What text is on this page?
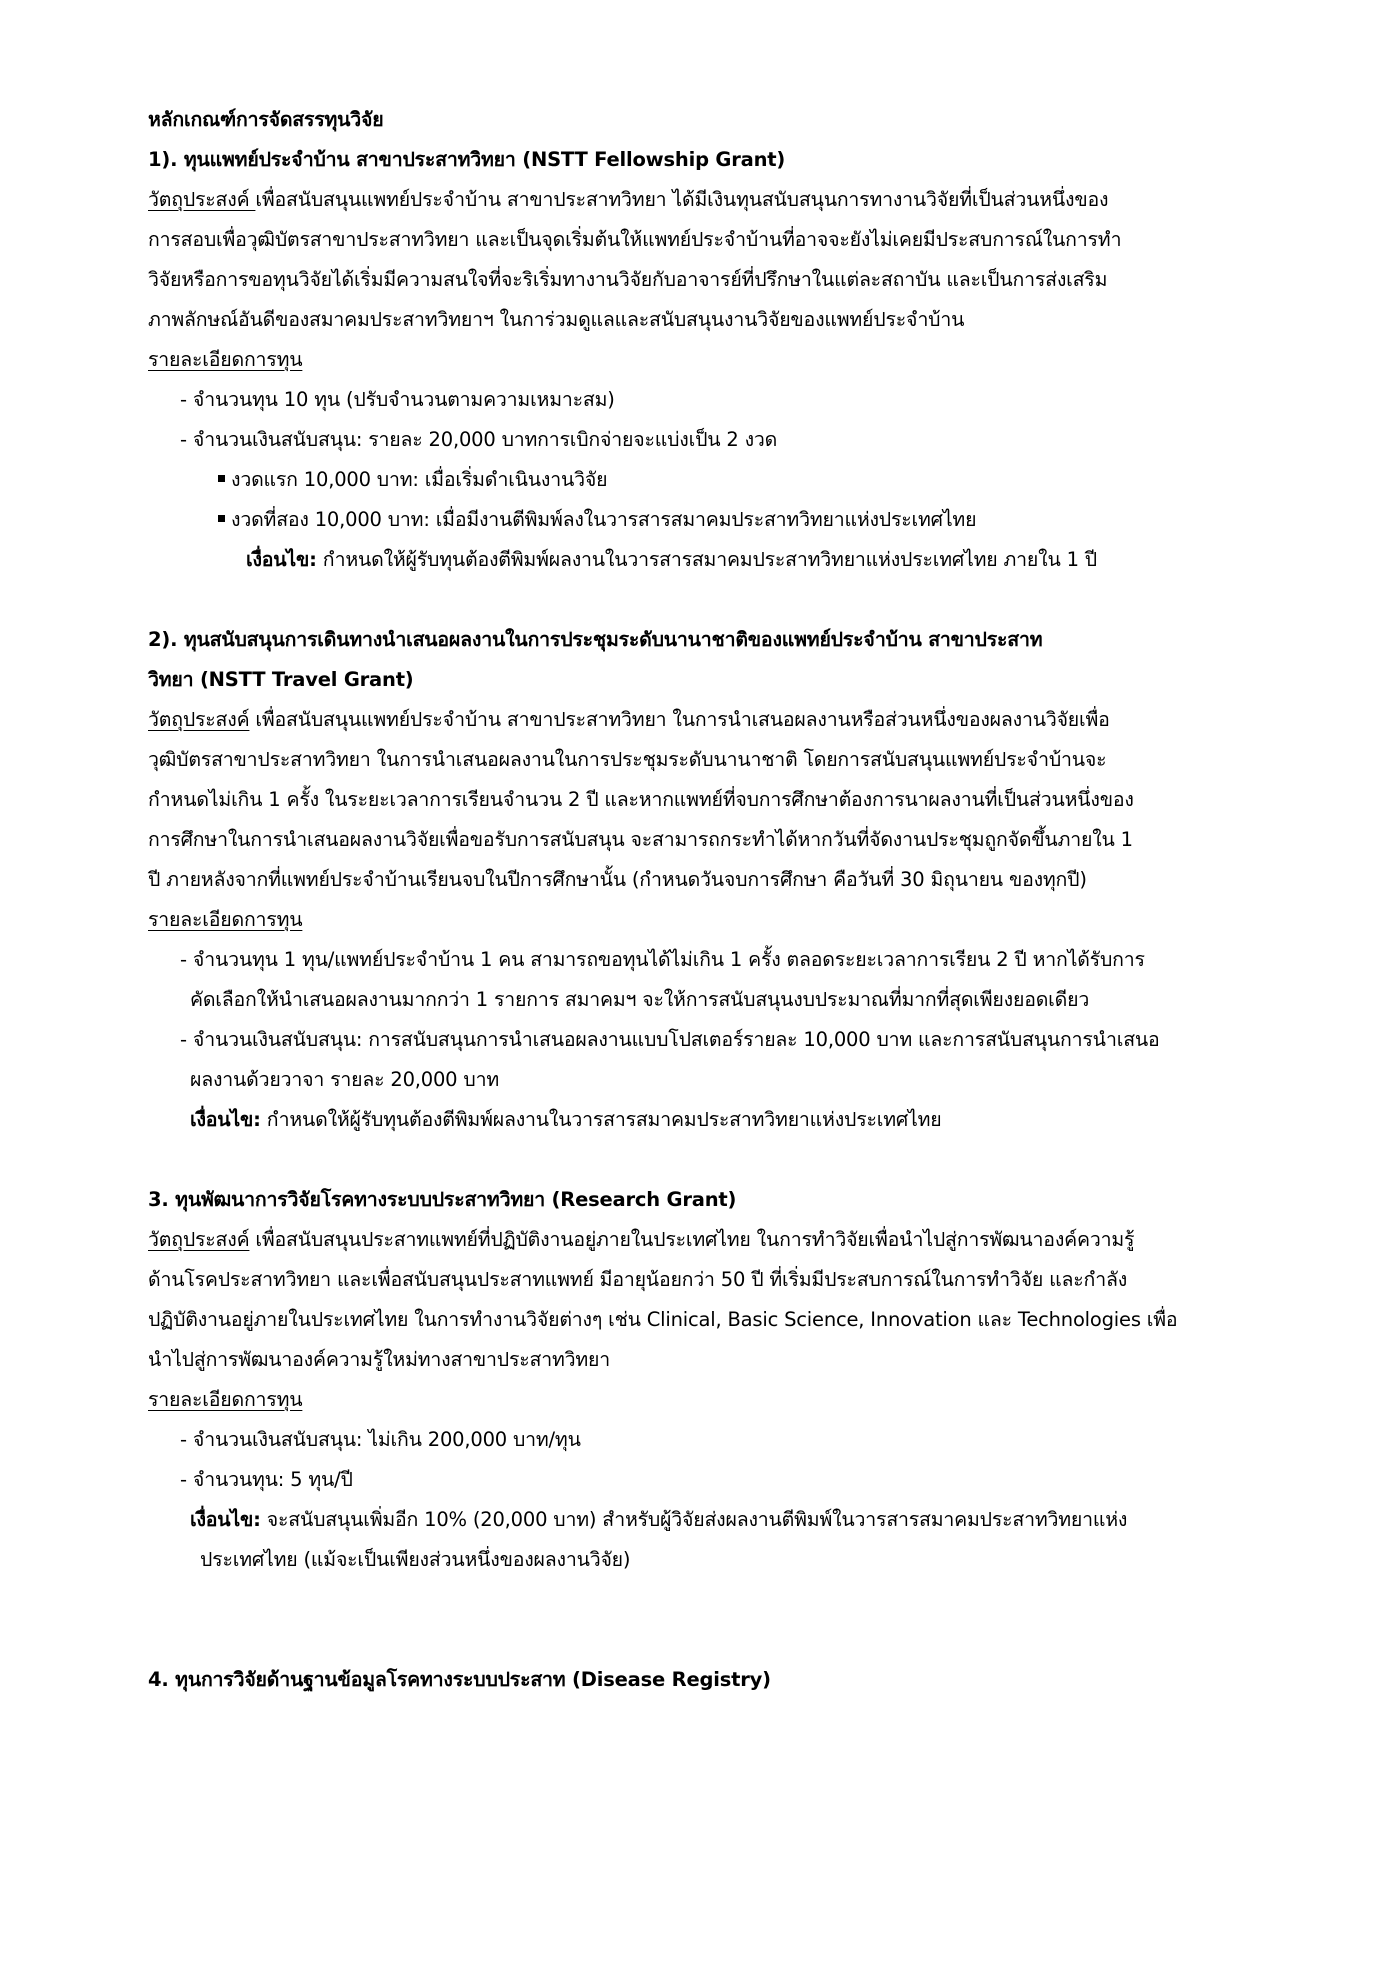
หลักเกณฑ์การจัดสรรทุนวิจัย
1). ทุนแพทย์ประจำบ้าน สาขาประสาทวิทยา (NSTT Fellowship Grant)
วัตถุประสงค์ เพื่อสนับสนุนแพทย์ประจำบ้าน สาขาประสาทวิทยา ได้มีเงินทุนสนับสนุนการทางานวิจัยที่เป็นส่วนหนึ่งของ
การสอบเพื่อวุฒิบัตรสาขาประสาทวิทยา และเป็นจุดเริ่มต้นให้แพทย์ประจำบ้านที่อาจจะยังไม่เคยมีประสบการณ์ในการทำ
วิจัยหรือการขอทุนวิจัยได้เริ่มมีความสนใจที่จะริเริ่มทางานวิจัยกับอาจารย์ที่ปรึกษาในแต่ละสถาบัน และเป็นการส่งเสริม
ภาพลักษณ์อันดีของสมาคมประสาทวิทยาฯ ในการ่วมดูแลและสนับสนุนงานวิจัยของแพทย์ประจำบ้าน
รายละเอียดการทุน
- จำนวนทุน 10 ทุน (ปรับจำนวนตามความเหมาะสม)
- จำนวนเงินสนับสนุน: รายละ 20,000 บาทการเบิกจ่ายจะแบ่งเป็น 2 งวด
งวดแรก 10,000 บาท: เมื่อเริ่มดำเนินงานวิจัย
งวดที่สอง 10,000 บาท: เมื่อมีงานตีพิมพ์ลงในวารสารสมาคมประสาทวิทยาแห่งประเทศไทย
เงื่อนไข: กำหนดให้ผู้รับทุนต้องตีพิมพ์ผลงานในวารสารสมาคมประสาทวิทยาแห่งประเทศไทย ภายใน 1 ปี
2). ทุนสนับสนุนการเดินทางนำเสนอผลงานในการประชุมระดับนานาชาติของแพทย์ประจำบ้าน สาขาประสาท
วิทยา (NSTT Travel Grant)
วัตถุประสงค์ เพื่อสนับสนุนแพทย์ประจำบ้าน สาขาประสาทวิทยา ในการนำเสนอผลงานหรือส่วนหนึ่งของผลงานวิจัยเพื่อ
วุฒิบัตรสาขาประสาทวิทยา ในการนำเสนอผลงานในการประชุมระดับนานาชาติ โดยการสนับสนุนแพทย์ประจำบ้านจะ
กำหนดไม่เกิน 1 ครั้ง ในระยะเวลาการเรียนจำนวน 2 ปี และหากแพทย์ที่จบการศึกษาต้องการนาผลงานที่เป็นส่วนหนึ่งของ
การศึกษาในการนำเสนอผลงานวิจัยเพื่อขอรับการสนับสนุน จะสามารถกระทำได้หากวันที่จัดงานประชุมถูกจัดขึ้นภายใน 1
ปี ภายหลังจากที่แพทย์ประจำบ้านเรียนจบในปีการศึกษานั้น (กำหนดวันจบการศึกษา คือวันที่ 30 มิถุนายน ของทุกปี)
รายละเอียดการทุน
- จำนวนทุน 1 ทุน/แพทย์ประจำบ้าน 1 คน สามารถขอทุนได้ไม่เกิน 1 ครั้ง ตลอดระยะเวลาการเรียน 2 ปี หากได้รับการ
คัดเลือกให้นำเสนอผลงานมากกว่า 1 รายการ สมาคมฯ จะให้การสนับสนุนงบประมาณที่มากที่สุดเพียงยอดเดียว
- จำนวนเงินสนับสนุน: การสนับสนุนการนำเสนอผลงานแบบโปสเตอร์รายละ 10,000 บาท และการสนับสนุนการนำเสนอ
ผลงานด้วยวาจา รายละ 20,000 บาท
เงื่อนไข: กำหนดให้ผู้รับทุนต้องตีพิมพ์ผลงานในวารสารสมาคมประสาทวิทยาแห่งประเทศไทย
3. ทุนพัฒนาการวิจัยโรคทางระบบประสาทวิทยา (Research Grant)
วัตถุประสงค์ เพื่อสนับสนุนประสาทแพทย์ที่ปฏิบัติงานอยู่ภายในประเทศไทย ในการทำวิจัยเพื่อนำไปสู่การพัฒนาองค์ความรู้
ด้านโรคประสาทวิทยา และเพื่อสนับสนุนประสาทแพทย์ มีอายุน้อยกว่า 50 ปี ที่เริ่มมีประสบการณ์ในการทำวิจัย และกำลัง
ปฏิบัติงานอยู่ภายในประเทศไทย ในการทำงานวิจัยต่างๆ เช่น Clinical, Basic Science, Innovation และ Technologies เพื่อ
นำไปสู่การพัฒนาองค์ความรู้ใหม่ทางสาขาประสาทวิทยา
รายละเอียดการทุน
- จำนวนเงินสนับสนุน: ไม่เกิน 200,000 บาท/ทุน
- จำนวนทุน: 5 ทุน/ปี
เงื่อนไข: จะสนับสนุนเพิ่มอีก 10% (20,000 บาท) สำหรับผู้วิจัยส่งผลงานตีพิมพ์ในวารสารสมาคมประสาทวิทยาแห่ง
ประเทศไทย (แม้จะเป็นเพียงส่วนหนึ่งของผลงานวิจัย)
4. ทุนการวิจัยด้านฐานข้อมูลโรคทางระบบประสาท (Disease Registry)
